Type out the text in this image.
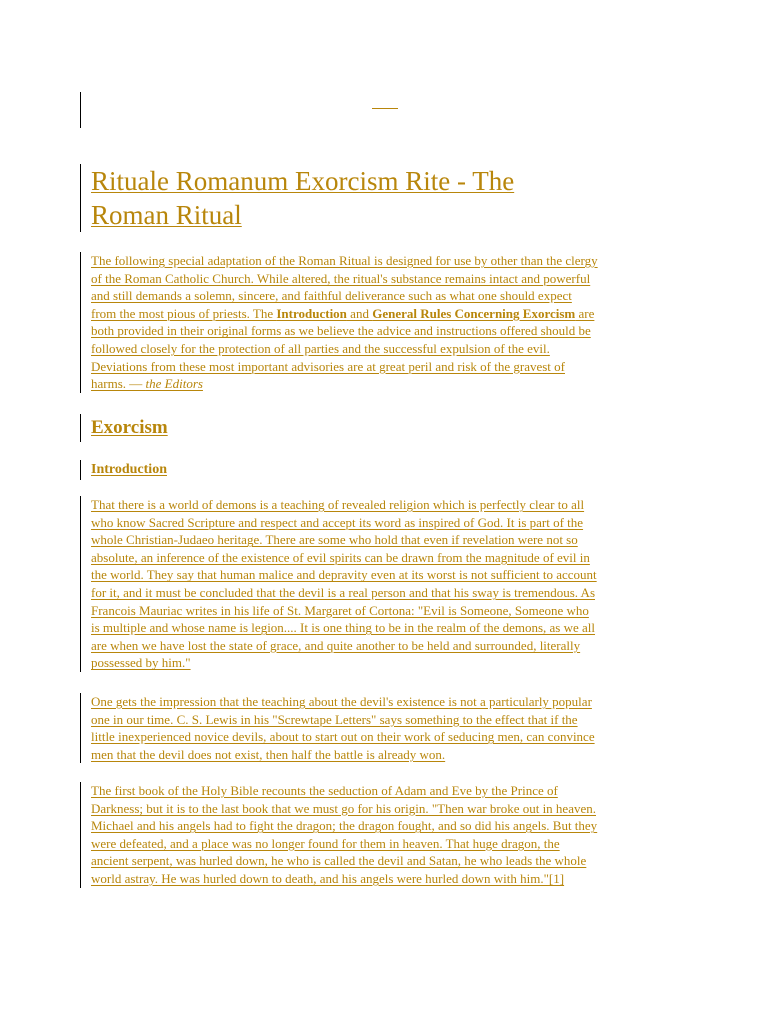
Rituale Romanum Exorcism Rite - The
Roman Ritual
The following special adaptation of the Roman Ritual is designed for use by other than the clergy
of the Roman Catholic Church. While altered, the ritual's substance remains intact and powerful
and still demands a solemn, sincere, and faithful deliverance such as what one should expect
from the most pious of priests. The Introduction and General Rules Concerning Exorcism are
both provided in their original forms as we believe the advice and instructions offered should be
followed closely for the protection of all parties and the successful expulsion of the evil.
Deviations from these most important advisories are at great peril and risk of the gravest of
harms. — the Editors
Exorcism
Introduction
That there is a world of demons is a teaching of revealed religion which is perfectly clear to all
who know Sacred Scripture and respect and accept its word as inspired of God. It is part of the
whole Christian-Judaeo heritage. There are some who hold that even if revelation were not so
absolute, an inference of the existence of evil spirits can be drawn from the magnitude of evil in
the world. They say that human malice and depravity even at its worst is not sufficient to account
for it, and it must be concluded that the devil is a real person and that his sway is tremendous. As
Francois Mauriac writes in his life of St. Margaret of Cortona: "Evil is Someone, Someone who
is multiple and whose name is legion.... It is one thing to be in the realm of the demons, as we all
are when we have lost the state of grace, and quite another to be held and surrounded, literally
possessed by him."
One gets the impression that the teaching about the devil's existence is not a particularly popular
one in our time. C. S. Lewis in his "Screwtape Letters" says something to the effect that if the
little inexperienced novice devils, about to start out on their work of seducing men, can convince
men that the devil does not exist, then half the battle is already won.
The first book of the Holy Bible recounts the seduction of Adam and Eve by the Prince of
Darkness; but it is to the last book that we must go for his origin. "Then war broke out in heaven.
Michael and his angels had to fight the dragon; the dragon fought, and so did his angels. But they
were defeated, and a place was no longer found for them in heaven. That huge dragon, the
ancient serpent, was hurled down, he who is called the devil and Satan, he who leads the whole
world astray. He was hurled down to death, and his angels were hurled down with him."[1]
